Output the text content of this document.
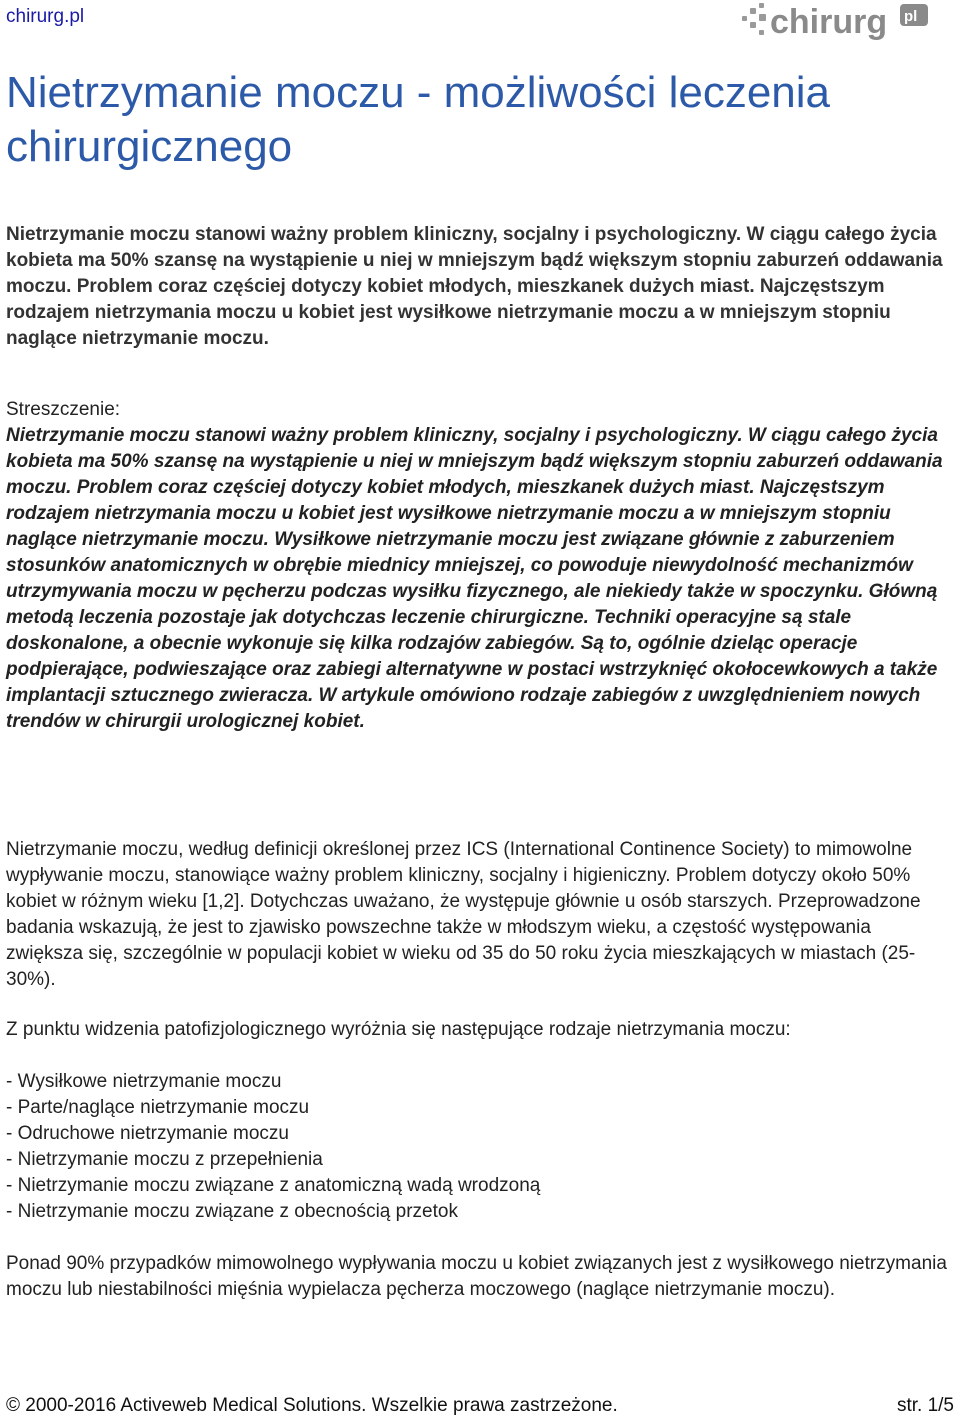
chirurg.pl	chirurg pl
Nietrzymanie moczu - możliwości leczenia chirurgicznego

Nietrzymanie moczu stanowi ważny problem kliniczny, socjalny i psychologiczny. W ciągu całego życia kobieta ma 50% szansę na wystąpienie u niej w mniejszym bądź większym stopniu zaburzeń oddawania moczu. Problem coraz częściej dotyczy kobiet młodych, mieszkanek dużych miast. Najczęstszym rodzajem nietrzymania moczu u kobiet jest wysiłkowe nietrzymanie moczu a w mniejszym stopniu naglące nietrzymanie moczu.

Streszczenie:
Nietrzymanie moczu stanowi ważny problem kliniczny, socjalny i psychologiczny. W ciągu całego życia kobieta ma 50% szansę na wystąpienie u niej w mniejszym bądź większym stopniu zaburzeń oddawania moczu. Problem coraz częściej dotyczy kobiet młodych, mieszkanek dużych miast. Najczęstszym rodzajem nietrzymania moczu u kobiet jest wysiłkowe nietrzymanie moczu a w mniejszym stopniu naglące nietrzymanie moczu. Wysiłkowe nietrzymanie moczu jest związane głównie z zaburzeniem stosunków anatomicznych w obrębie miednicy mniejszej, co powoduje niewydolność mechanizmów utrzymywania moczu w pęcherzu podczas wysiłku fizycznego, ale niekiedy także w spoczynku. Główną metodą leczenia pozostaje jak dotychczas leczenie chirurgiczne. Techniki operacyjne są stale doskonalone, a obecnie wykonuje się kilka rodzajów zabiegów. Są to, ogólnie dzieląc operacje podpierające, podwieszające oraz zabiegi alternatywne w postaci wstrzyknięć okołocewkowych a także implantacji sztucznego zwieracza. W artykule omówiono rodzaje zabiegów z uwzględnieniem nowych trendów w chirurgii urologicznej kobiet.

Nietrzymanie moczu, według definicji określonej przez ICS (International Continence Society) to mimowolne wypływanie moczu, stanowiące ważny problem kliniczny, socjalny i higieniczny. Problem dotyczy około 50% kobiet w różnym wieku [1,2]. Dotychczas uważano, że występuje głównie u osób starszych. Przeprowadzone badania wskazują, że jest to zjawisko powszechne także w młodszym wieku, a częstość występowania zwiększa się, szczególnie w populacji kobiet w wieku od 35 do 50 roku życia mieszkających w miastach (25-30%).

Z punktu widzenia patofizjologicznego wyróżnia się następujące rodzaje nietrzymania moczu:

- Wysiłkowe nietrzymanie moczu
- Parte/naglące nietrzymanie moczu
- Odruchowe nietrzymanie moczu
- Nietrzymanie moczu z przepełnienia
- Nietrzymanie moczu związane z anatomiczną wadą wrodzoną
- Nietrzymanie moczu związane z obecnością przetok

Ponad 90% przypadków mimowolnego wypływania moczu u kobiet związanych jest z wysiłkowego nietrzymania moczu lub niestabilności mięśnia wypielacza pęcherza moczowego (naglące nietrzymanie moczu).

© 2000-2016 Activeweb Medical Solutions. Wszelkie prawa zastrzeżone.	str. 1/5
